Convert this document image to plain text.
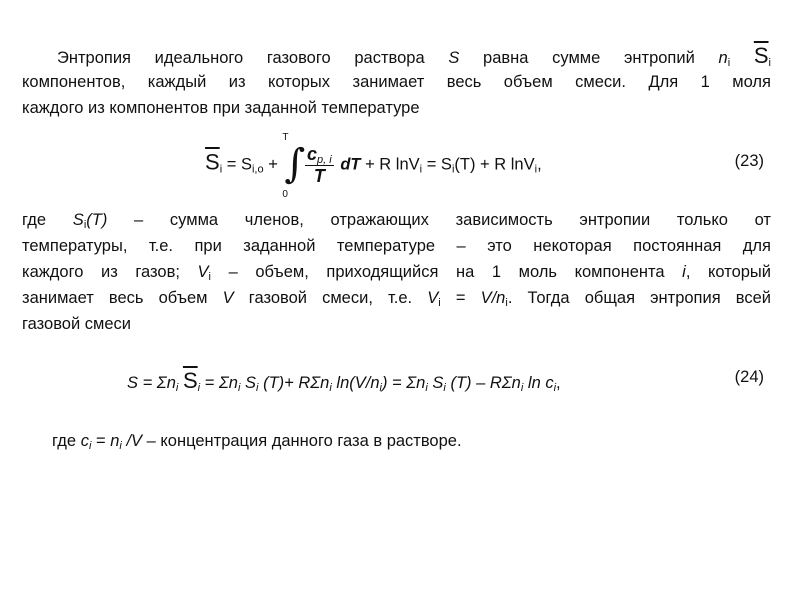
Энтропия идеального газового раствора S равна сумме энтропий $n_i$ $\overline{S}_i$
компонентов, каждый из которых занимает весь объем смеси. Для 1 моля
каждого из компонентов при заданной температуре
$\overline{S}_i = S_{i,o}$ +
T
∫
0

$\frac{c_{p, i}}{T}$ dT + R $\ln V_i = S_i(T) + R$ lnV$_i$,	(23)
где $S_i(T)$ – сумма членов, отражающих зависимость энтропии только от
температуры, т.е. при заданной температуре – это некоторая постоянная для
каждого из газов; $V_i$ – объем, приходящийся на 1 моль компонента i, который
занимает весь объем V газовой смеси, т.е. $V_i = V/n_i$. Тогда общая энтропия всей
газовой смеси
$S = \Sigma n_i$ $\overline{S}_i = \Sigma n_i$ $S_i$ (T)+ RΣn$_i$ $\ln(V/n_i) = \Sigma n_i$ $S_i$ (T) – RΣn$_i$ $\ln c_i$,	(24)
где $c_i = n_i$ /V – концентрация данного газа в растворе.
